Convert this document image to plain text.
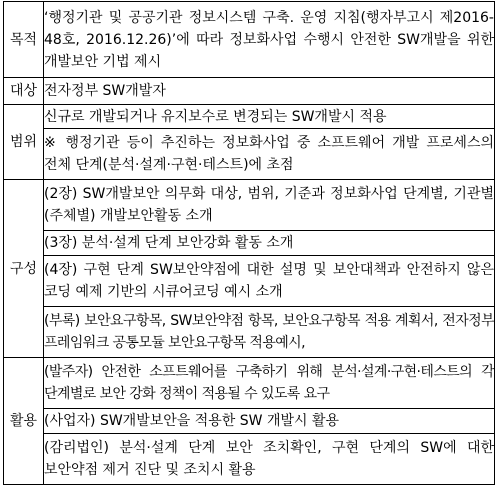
목적	‘행정기관 및 공공기관 정보시스템 구축. 운영 지침(행자부고시 제2016-48호, 2016.12.26)’에 따라 정보화사업 수행시 안전한 SW개발을 위한 개발보안 기법 제시
대상	전자정부 SW개발자
범위	신규로 개발되거나 유지보수로 변경되는 SW개발시 적용
	※ 행정기관 등이 추진하는 정보화사업 중 소프트웨어 개발 프로세스의 전체 단계(분석·설계·구현·테스트)에 초점
구성	(2장) SW개발보안 의무화 대상, 범위, 기준과 정보화사업 단계별, 기관별(주체별) 개발보안활동 소개
	(3장) 분석·설계 단계 보안강화 활동 소개
	(4장) 구현 단계 SW보안약점에 대한 설명 및 보안대책과 안전하지 않은 코딩 예제 기반의 시큐어코딩 예시 소개
	(부록) 보안요구항목, SW보안약점 항목, 보안요구항목 적용 계획서, 전자정부 프레임워크 공통모듈 보안요구항목 적용예시,
활용	(발주자) 안전한 소프트웨어를 구축하기 위해 분석·설계·구현·테스트의 각 단계별로 보안 강화 정책이 적용될 수 있도록 요구
	(사업자) SW개발보안을 적용한 SW 개발시 활용
	(감리법인) 분석·설계 단계 보안 조치확인, 구현 단계의 SW에 대한 보안약점 제거 진단 및 조치시 활용
